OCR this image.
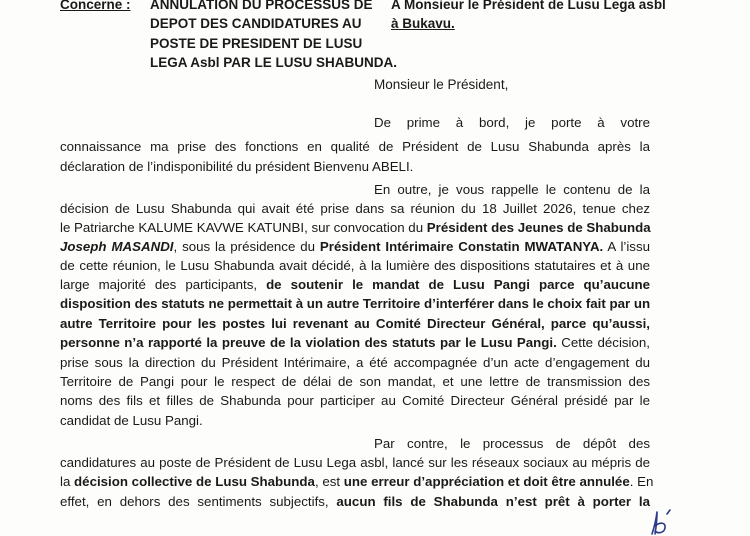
Concerne : ANNULATION DU PROCESSUS DE
DEPOT DES CANDIDATURES AU
POSTE DE PRESIDENT DE LUSU
LEGA Asbl PAR LE LUSU SHABUNDA.
A Monsieur le Président de Lusu Lega asbl
à Bukavu.
Monsieur le Président,
De prime à bord, je porte à votre
connaissance ma prise des fonctions en qualité de Président de Lusu Shabunda après la
déclaration de l’indisponibilité du président Bienvenu ABELI.
En outre, je vous rappelle le contenu de la
décision de Lusu Shabunda qui avait été prise dans sa réunion du 18 Juillet 2026, tenue chez
le Patriarche KALUME KAVWE KATUNBI, sur convocation du Président des Jeunes de Shabunda
Joseph MASANDI, sous la présidence du Président Intérimaire Constatin MWATANYA. A l’issu
de cette réunion, le Lusu Shabunda avait décidé, à la lumière des dispositions statutaires et à une
large majorité des participants, de soutenir le mandat de Lusu Pangi parce qu’aucune
disposition des statuts ne permettait à un autre Territoire d’interférer dans le choix fait par un
autre Territoire pour les postes lui revenant au Comité Directeur Général, parce qu’aussi,
personne n’a rapporté la preuve de la violation des statuts par le Lusu Pangi. Cette décision,
prise sous la direction du Président Intérimaire, a été accompagnée d’un acte d’engagement du
Territoire de Pangi pour le respect de délai de son mandat, et une lettre de transmission des
noms des fils et filles de Shabunda pour participer au Comité Directeur Général présidé par le
candidat de Lusu Pangi.
Par contre, le processus de dépôt des
candidatures au poste de Président de Lusu Lega asbl, lancé sur les réseaux sociaux au mépris de
la décision collective de Lusu Shabunda, est une erreur d’appréciation et doit être annulée. En
effet, en dehors des sentiments subjectifs, aucun fils de Shabunda n’est prêt à porter la
